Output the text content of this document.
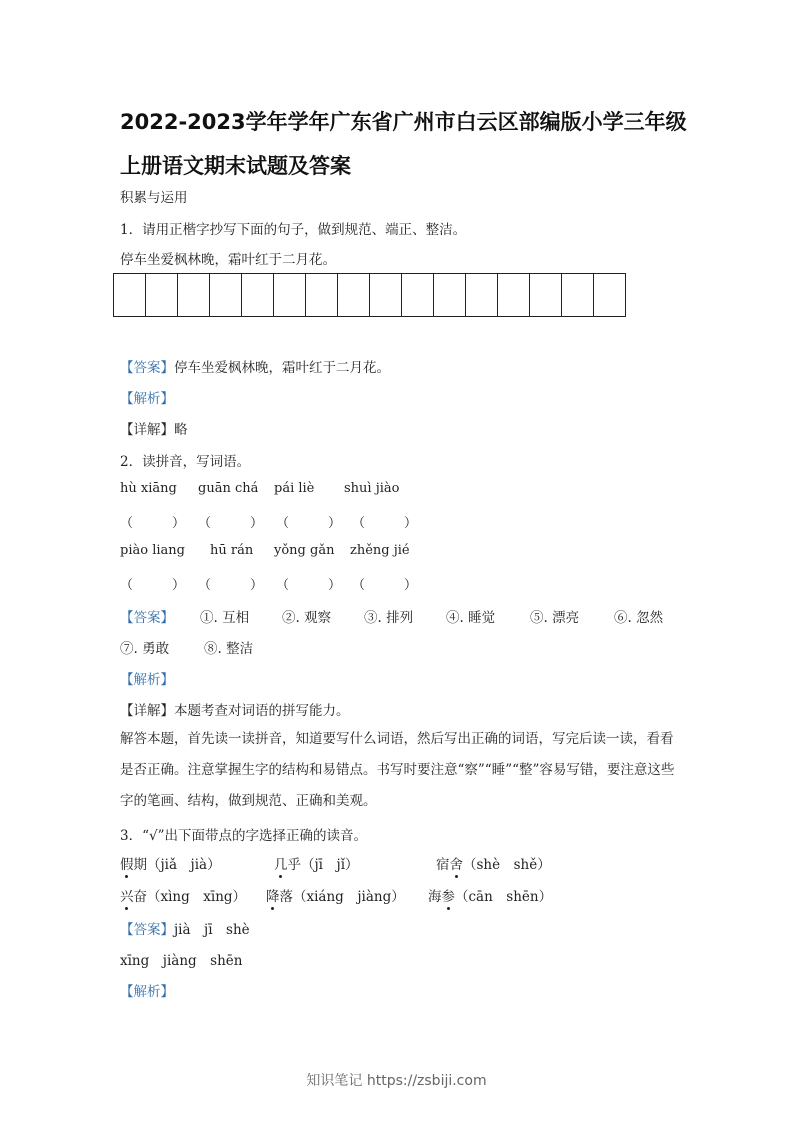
2022-2023学年学年广东省广州市白云区部编版小学三年级上册语文期末试题及答案
积累与运用
1．请用正楷字抄写下面的句子，做到规范、端正、整洁。
停车坐爱枫林晚，霜叶红于二月花。
【答案】停车坐爱枫林晚，霜叶红于二月花。
【解析】
【详解】略
2．读拼音，写词语。
hù xiāng guān chá pái liè shuì jiào
（　　　） （　　　） （　　　） （　　　）
piào liang hū rán yǒng gǎn zhěng jié
（　　　） （　　　） （　　　） （　　　）
【答案】 ①. 互相 ②. 观察 ③. 排列 ④. 睡觉	⑤. 漂亮	⑥. 忽然
⑦. 勇敢	⑧. 整洁
【解析】
【详解】本题考查对词语的拼写能力。
解答本题，首先读一读拼音，知道要写什么词语，然后写出正确的词语，写完后读一读，看看是否正确。注意掌握生字的结构和易错点。书写时要注意“察”“睡”“整”容易写错，要注意这些字的笔画、结构，做到规范、正确和美观。
3．“√”出下面带点的字选择正确的读音。
假期（jiǎ　jià）	几乎（jī　jǐ）	宿舍（shè　shě）
兴奋（xìng　xīng） 降落（xiáng　jiàng） 海参（cān　shēn）
【答案】jià　jī　shè
xīng　jiàng　shēn
【解析】
知识笔记 https://zsbiji.com
